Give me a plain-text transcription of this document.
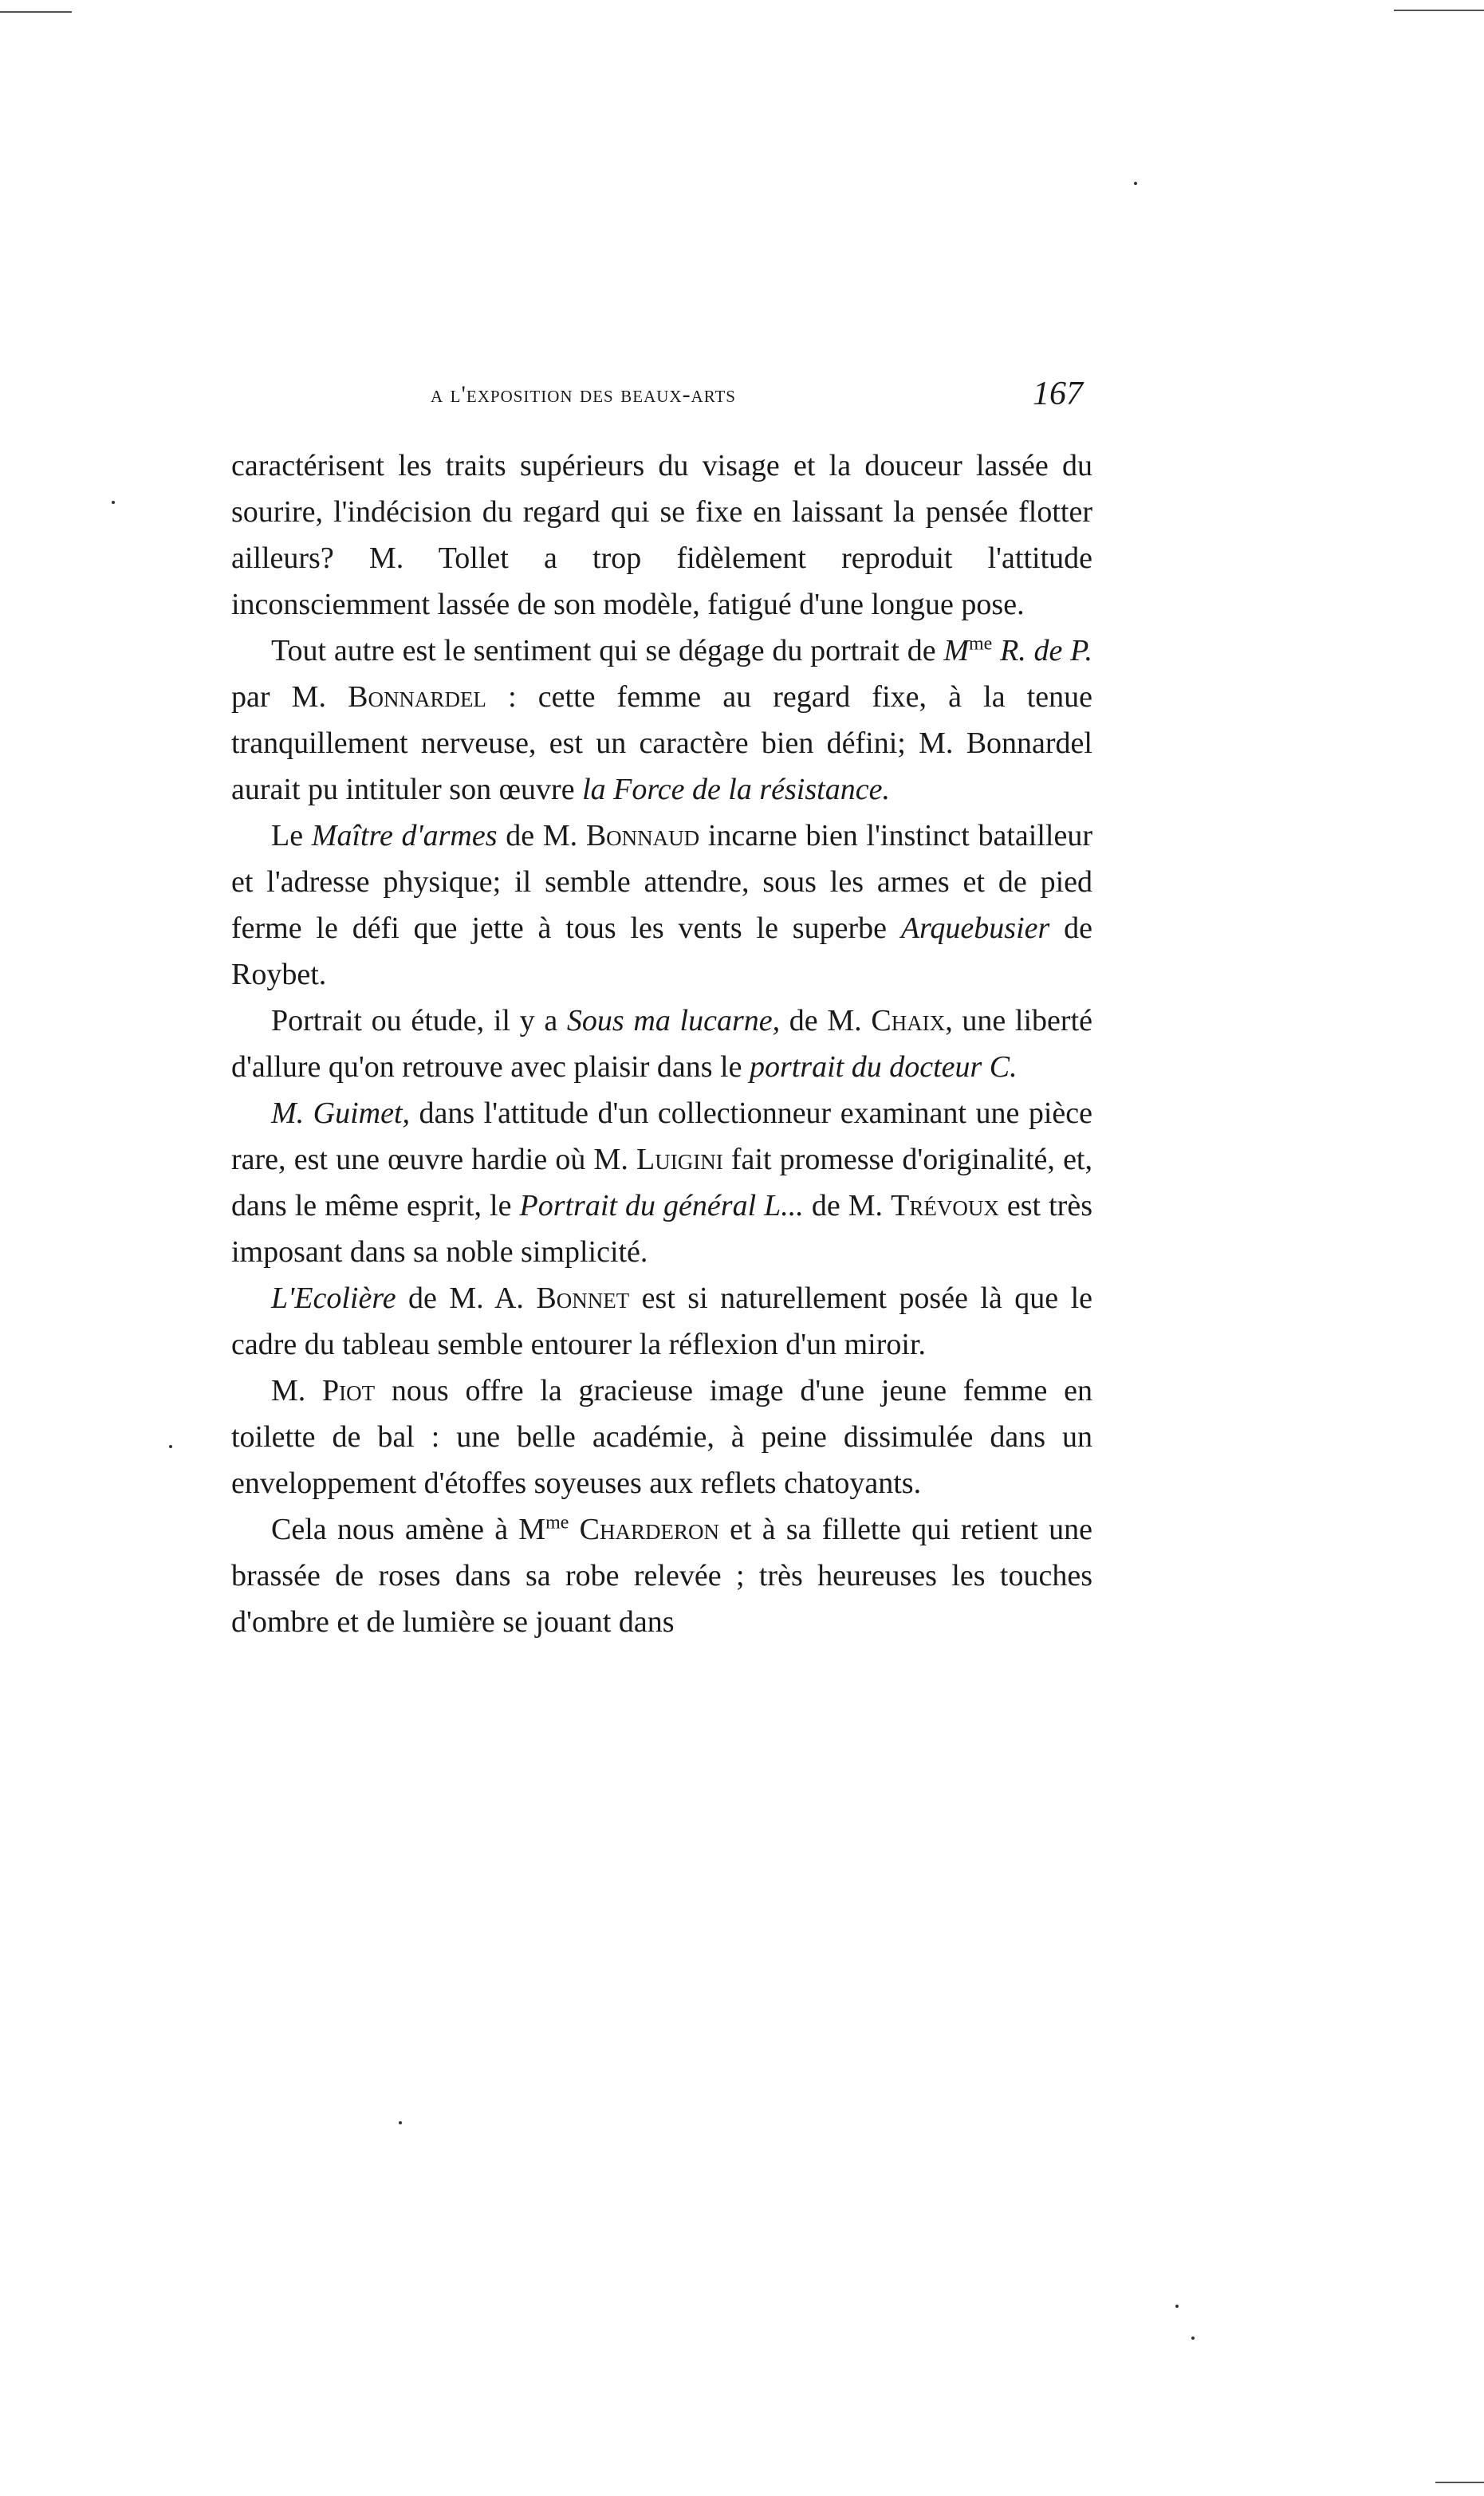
a l'exposition des beaux-arts	167

caractérisent les traits supérieurs du visage et la douceur lassée du sourire, l'indécision du regard qui se fixe en laissant la pensée flotter ailleurs? M. Tollet a trop fidèlement reproduit l'attitude inconsciemment lassée de son modèle, fatigué d'une longue pose.

Tout autre est le sentiment qui se dégage du portrait de $M^{me}$ R. de P. par M. Bonnardel : cette femme au regard fixe, à la tenue tranquillement nerveuse, est un caractère bien défini; M. Bonnardel aurait pu intituler son œuvre la Force de la résistance.

Le Maître d'armes de M. Bonnaud incarne bien l'instinct batailleur et l'adresse physique; il semble attendre, sous les armes et de pied ferme le défi que jette à tous les vents le superbe Arquebusier de Roybet.

Portrait ou étude, il y a Sous ma lucarne, de M. Chaix, une liberté d'allure qu'on retrouve avec plaisir dans le portrait du docteur C.

M. Guimet, dans l'attitude d'un collectionneur examinant une pièce rare, est une œuvre hardie où M. Luigini fait promesse d'originalité, et, dans le même esprit, le Portrait du général L... de M. Trévoux est très imposant dans sa noble simplicité.

L'Ecolière de M. A. Bonnet est si naturellement posée là que le cadre du tableau semble entourer la réflexion d'un miroir.

M. Piot nous offre la gracieuse image d'une jeune femme en toilette de bal : une belle académie, à peine dissimulée dans un enveloppement d'étoffes soyeuses aux reflets chatoyants.

Cela nous amène à $M^{me}$ Charderon et à sa fillette qui retient une brassée de roses dans sa robe relevée ; très heureuses les touches d'ombre et de lumière se jouant dans
